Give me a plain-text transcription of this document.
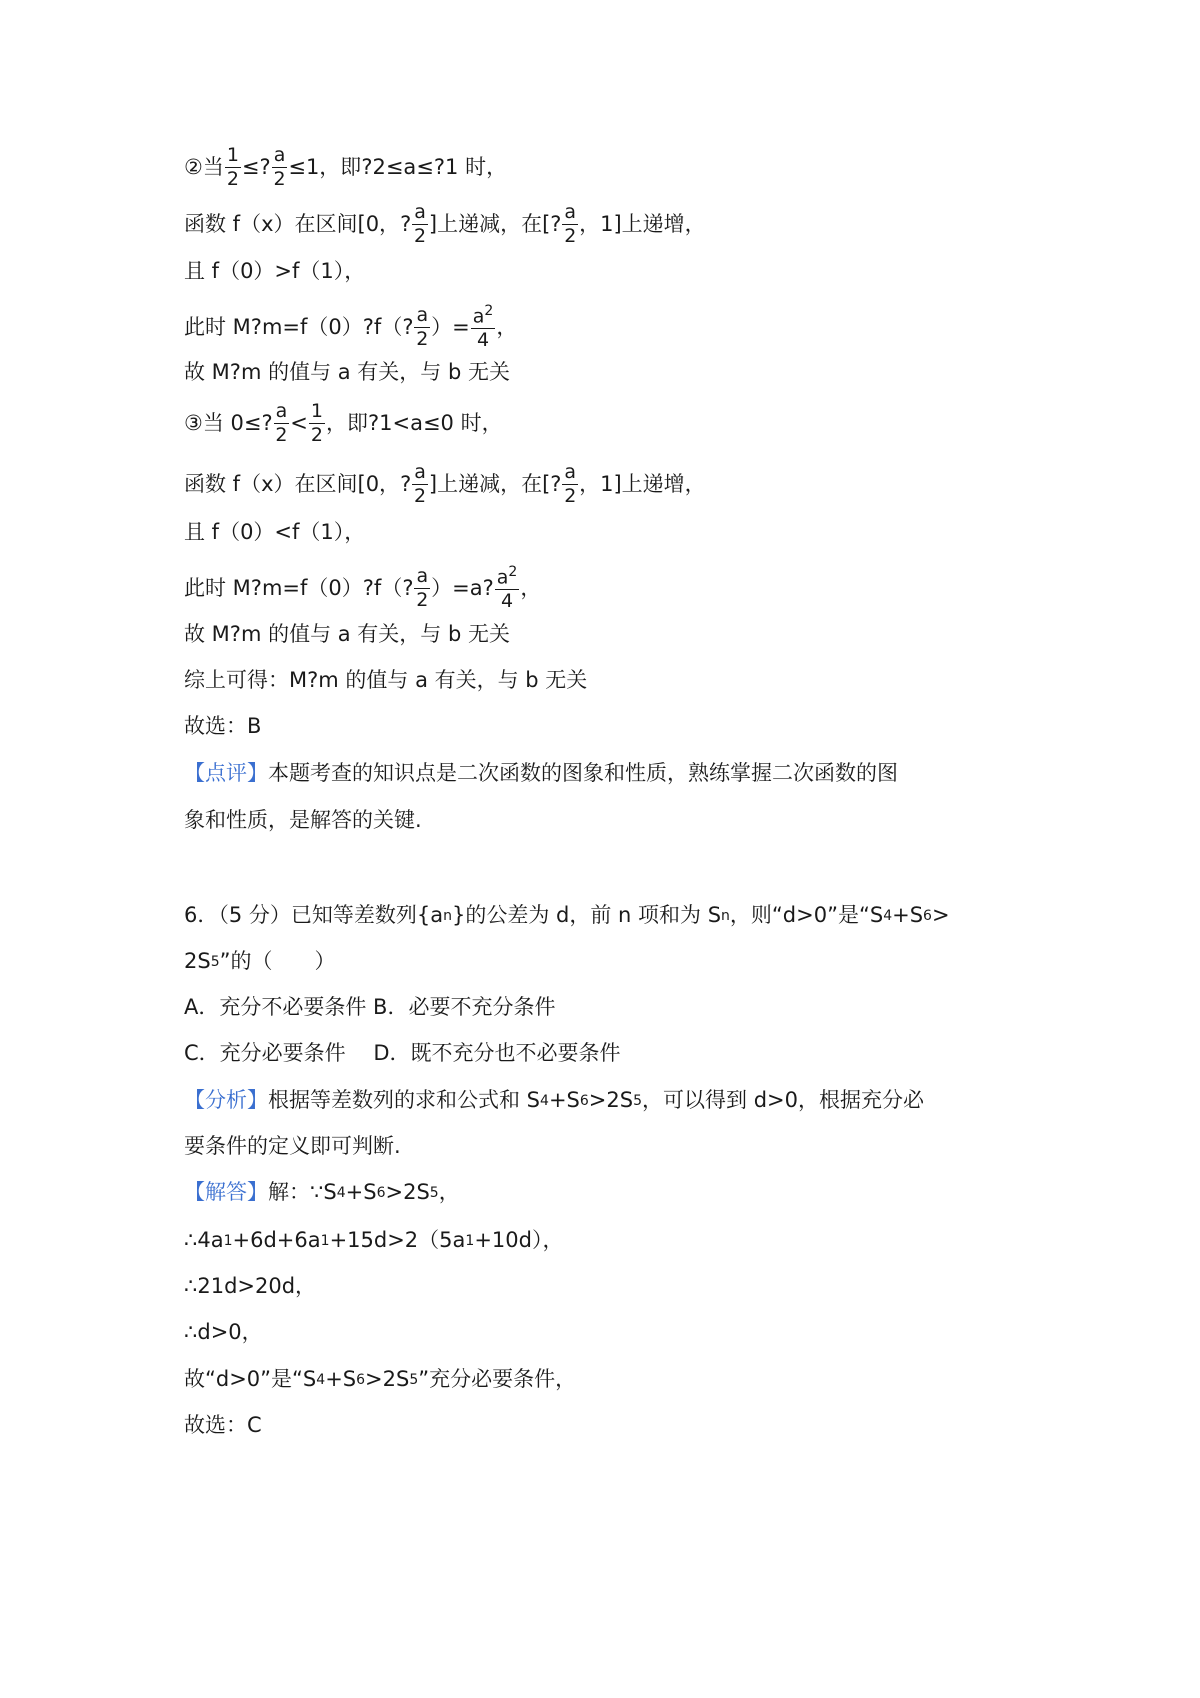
②当 $\frac{1}{2}$ ≤ ? $\frac{a}{2} \le 1$，即 ? 2≤a≤ ? 1 时，
函数 f（x）在区间[0， ? $\frac{a}{2}$ ]上递减，在[ ? $\frac{a}{2}$ ，1]上递增，
且 f（0）>f（1），
此时 M ? m=f（0） ? f（ ? $\frac{a}{2}$ ）= $\frac{a^2}{4}$ ，
故 M ? m 的值与 a 有关，与 b 无关
③当 0≤ ? $\frac{a}{2} < \frac{1}{2}$ ，即 ? 1<a≤0 时，
函数 f（x）在区间[0， ? $\frac{a}{2}$ ]上递减，在[ ? $\frac{a}{2}$ ，1]上递增，
且 f（0）<f（1），
此时 M ? m=f（0） ? f（ ? $\frac{a}{2} )=a$ ? $\frac{a^2}{4}$ ，
故 M ? m 的值与 a 有关，与 b 无关
综上可得：M ? m 的值与 a 有关，与 b 无关
故选：B
【点评】 本题考查的知识点是二次函数的图象和性质，熟练掌握二次函数的图
象和性质，是解答的关键.
6．（5 分）已知等差数列{a n }的公差为 d，前 n 项和为 S n ，则“d>0”是“S 4 +S 6 >
2S 5 ”的（　　）
A．充分不必要条件 B．必要不充分条件
C．充分必要条件　 D．既不充分也不必要条件
【分析】 根据等差数列的求和公式和 S 4 +S 6 >2S 5 ，可以得到 d>0，根据充分必
要条件的定义即可判断.
【解答】 解：∵S 4 +S 6 >2S 5 ，
∴4a 1 +6d+6a 1 +15d>2（5a 1 +10d），
∴21d>20d，
∴d>0，
故“d>0”是“S 4 +S 6 >2S 5 ”充分必要条件，
故选：C
